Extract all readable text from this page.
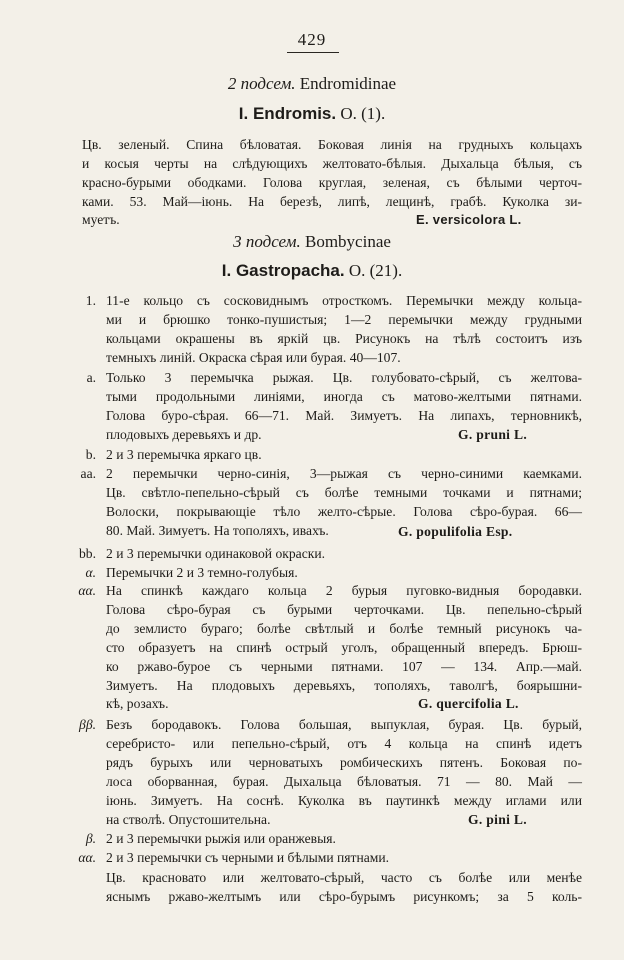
429
2 подсем. Endromidinae
I. Endromis. O. (1).
Цв. зеленый. Спина бѣловатая. Боковая линія на грудныхъ кольцахъ
и косыя черты на слѣдующихъ желтовато-бѣлыя. Дыхальца бѣлыя, съ
красно-бурыми ободками. Голова круглая, зеленая, съ бѣлыми черточ-
ками. 53. Май—іюнь. На березѣ, липѣ, лещинѣ, грабѣ. Куколка зи-
муетъ.	E. versicolora L.
3 подсем. Bombycinae
I. Gastropacha. O. (21).
1. 11-е кольцо съ сосковиднымъ отросткомъ. Перемычки между кольца-
ми и брюшко тонко-пушистыя; 1—2 перемычки между грудными
кольцами окрашены въ яркій цв. Рисунокъ на тѣлѣ состоитъ изъ
темныхъ линій. Окраска сѣрая или бурая. 40—107.
a. Только 3 перемычка рыжая. Цв. голубовато-сѣрый, съ желтова-
тыми продольными линіями, иногда съ матово-желтыми пятнами.
Голова буро-сѣрая. 66—71. Май. Зимуетъ. На липахъ, терновникѣ,
плодовыхъ деревьяхъ и др.	G. pruni L.
b. 2 и 3 перемычка яркаго цв.
aa. 2 перемычки черно-синія, 3—рыжая съ черно-синими каемками.
Цв. свѣтло-пепельно-сѣрый съ болѣе темными точками и пятнами;
Волоски, покрывающіе тѣло желто-сѣрые. Голова сѣро-бурая. 66—
80. Май. Зимуетъ. На тополяхъ, ивахъ.	G. populifolia Esp.
bb. 2 и 3 перемычки одинаковой окраски.
α. Перемычки 2 и 3 темно-голубыя.
αα. На спинкѣ каждаго кольца 2 бурыя пуговко-видныя бородавки.
Голова сѣро-бурая съ бурыми черточками. Цв. пепельно-сѣрый
до землисто бураго; болѣе свѣтлый и болѣе темный рисунокъ ча-
сто образуетъ на спинѣ острый уголъ, обращенный впередъ. Брюш-
ко ржаво-бурое съ черными пятнами. 107 — 134. Апр.—май.
Зимуетъ. На плодовыхъ деревьяхъ, тополяхъ, таволгѣ, боярышни-
кѣ, розахъ.	G. quercifolia L.
ββ. Безъ бородавокъ. Голова большая, выпуклая, бурая. Цв. бурый,
серебристо- или пепельно-сѣрый, отъ 4 кольца на спинѣ идетъ
рядъ бурыхъ или черноватыхъ ромбическихъ пятенъ. Боковая по-
лоса оборванная, бурая. Дыхальца бѣловатыя. 71 — 80. Май —
іюнь. Зимуетъ. На соснѣ. Куколка въ паутинкѣ между иглами или
на стволѣ. Опустошительна.	G. pini L.
β. 2 и 3 перемычки рыжія или оранжевыя.
αα. 2 и 3 перемычки съ черными и бѣлыми пятнами.
Цв. красновато или желтовато-сѣрый, часто съ болѣе или менѣе
яснымъ ржаво-желтымъ или сѣро-бурымъ рисункомъ; за 5 коль-
